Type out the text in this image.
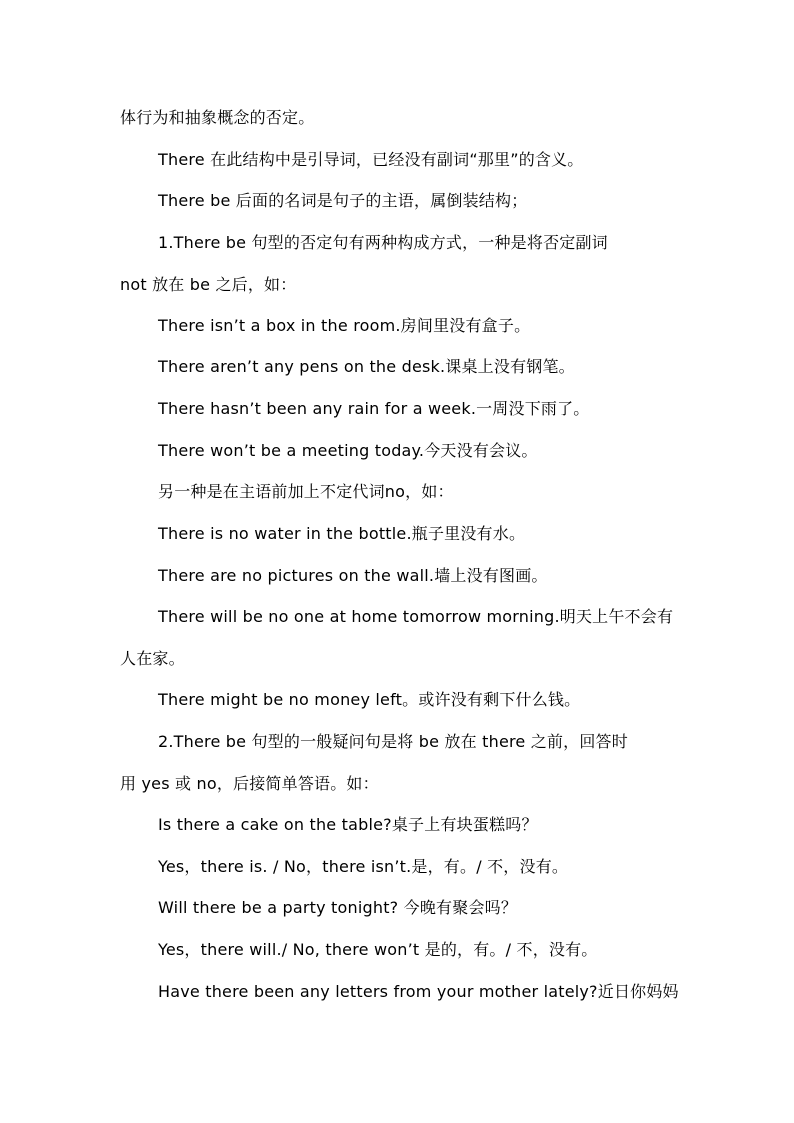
体行为和抽象概念的否定。
There 在此结构中是引导词，已经没有副词“那里”的含义。
There be 后面的名词是句子的主语，属倒装结构；
1.There be 句型的否定句有两种构成方式，一种是将否定副词
not 放在 be 之后，如：
There isn’t a box in the room.房间里没有盒子。
There aren’t any pens on the desk.课桌上没有钢笔。
There hasn’t been any rain for a week.一周没下雨了。
There won’t be a meeting today.今天没有会议。
另一种是在主语前加上不定代词no，如：
There is no water in the bottle.瓶子里没有水。
There are no pictures on the wall.墙上没有图画。
There will be no one at home tomorrow morning.明天上午不会有
人在家。
There might be no money left。或许没有剩下什么钱。
2.There be 句型的一般疑问句是将 be 放在 there 之前，回答时
用 yes 或 no，后接简单答语。如：
Is there a cake on the table?桌子上有块蛋糕吗？
Yes，there is. / No，there isn’t.是，有。/ 不，没有。
Will there be a party tonight? 今晚有聚会吗？
Yes，there will./ No, there won’t 是的，有。/ 不，没有。
Have there been any letters from your mother lately?近日你妈妈
